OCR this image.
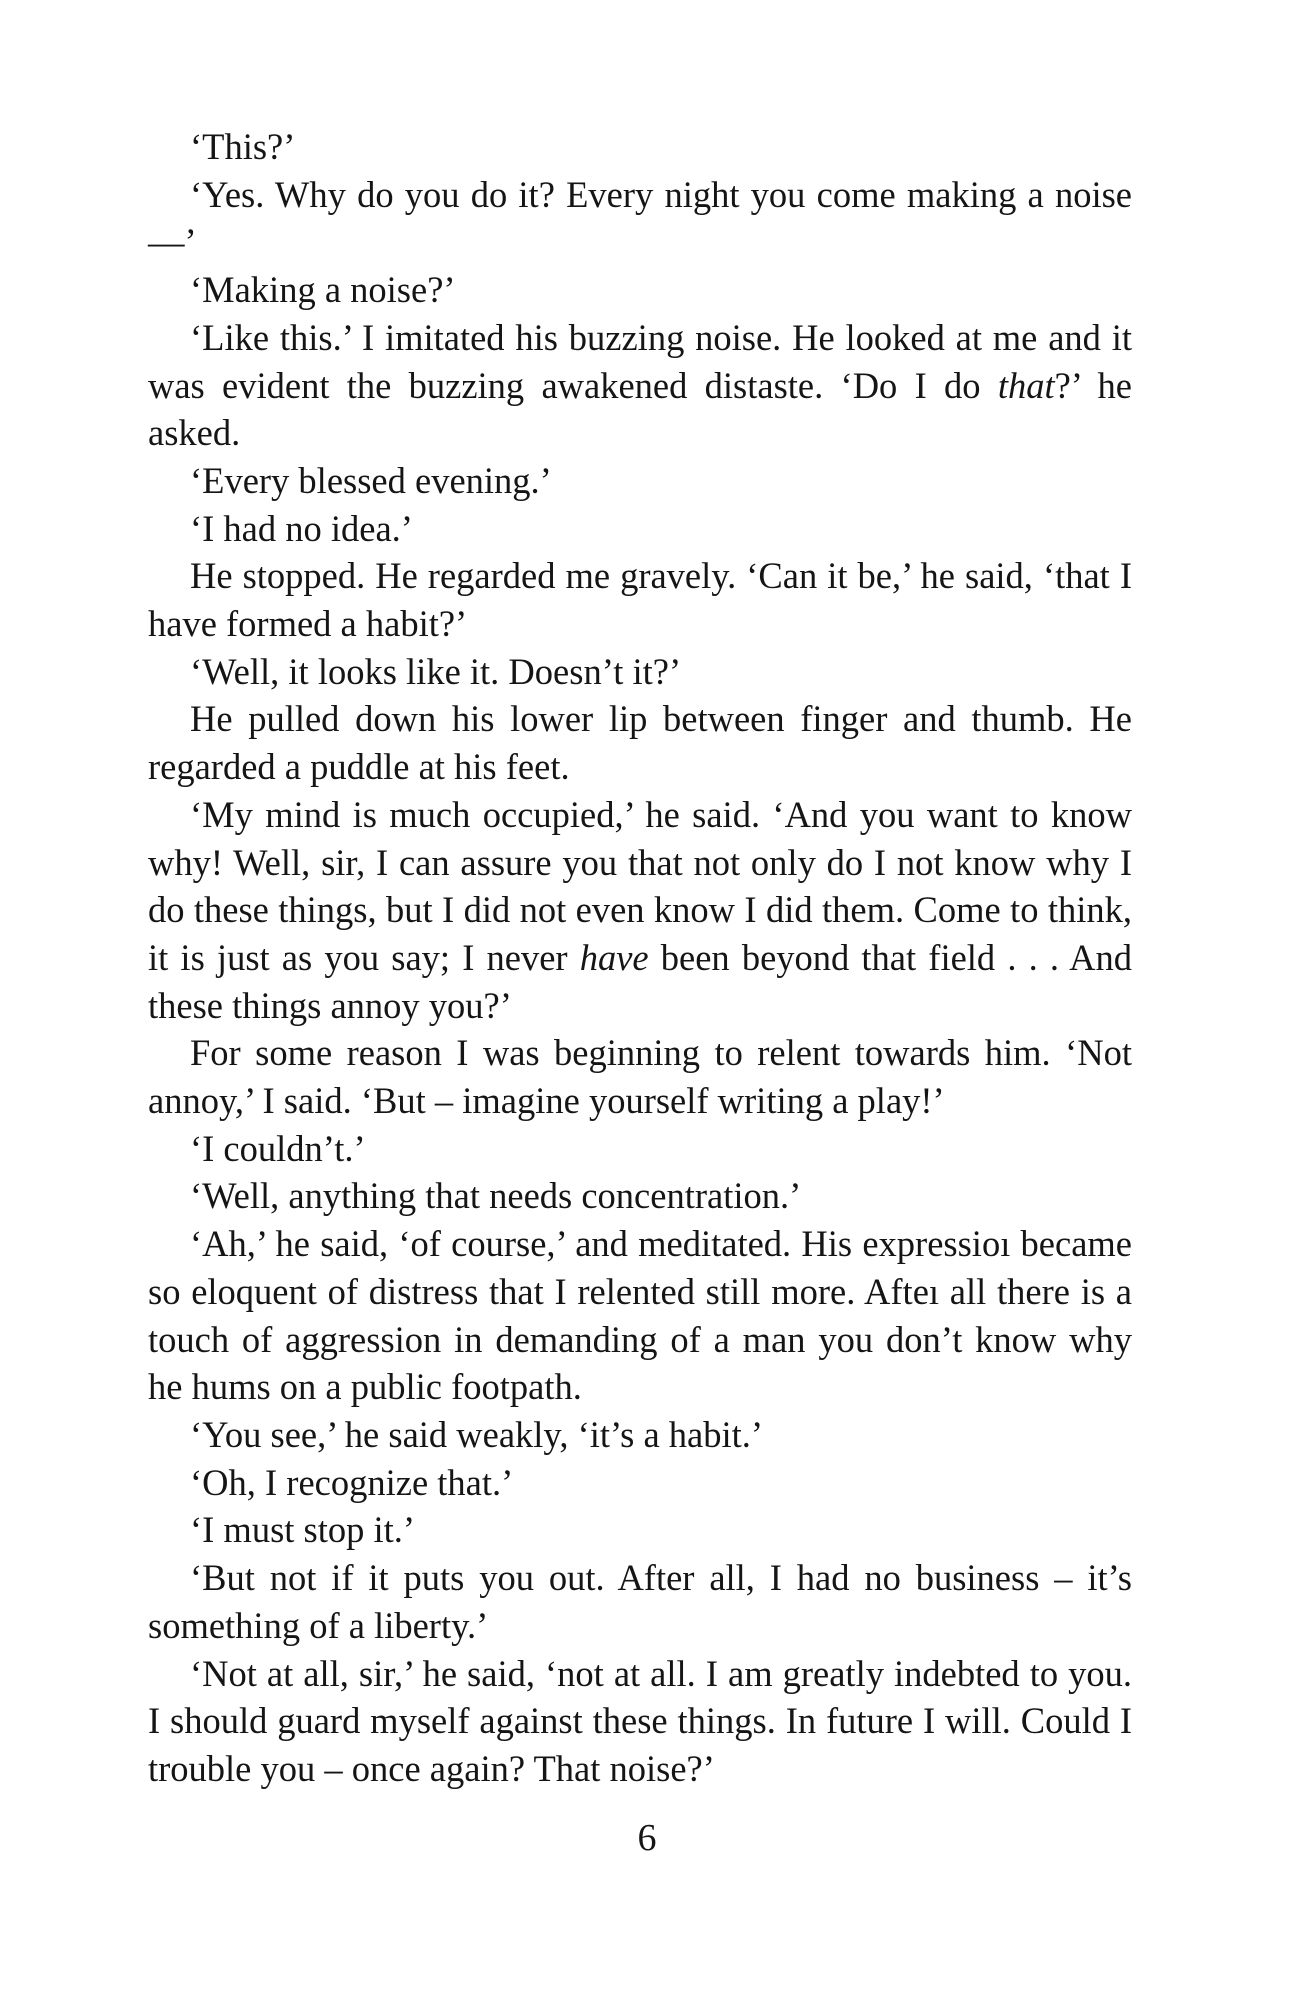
‘This?’

‘Yes. Why do you do it? Every night you come making a noise—’

‘Making a noise?’

‘Like this.’ I imitated his buzzing noise. He looked at me and it was evident the buzzing awakened distaste. ‘Do I do that?’ he asked.

‘Every blessed evening.’

‘I had no idea.’

He stopped. He regarded me gravely. ‘Can it be,’ he said, ‘that I have formed a habit?’

‘Well, it looks like it. Doesn’t it?’

He pulled down his lower lip between finger and thumb. He regarded a puddle at his feet.

‘My mind is much occupied,’ he said. ‘And you want to know why! Well, sir, I can assure you that not only do I not know why I do these things, but I did not even know I did them. Come to think, it is just as you say; I never have been beyond that field . . . And these things annoy you?’

For some reason I was beginning to relent towards him. ‘Not annoy,’ I said. ‘But – imagine yourself writing a play!’

‘I couldn’t.’

‘Well, anything that needs concentration.’

‘Ah,’ he said, ‘of course,’ and meditated. His expressioı became so eloquent of distress that I relented still more. Afteı all there is a touch of aggression in demanding of a man you don’t know why he hums on a public footpath.

‘You see,’ he said weakly, ‘it’s a habit.’

‘Oh, I recognize that.’

‘I must stop it.’

‘But not if it puts you out. After all, I had no business – it’s something of a liberty.’

‘Not at all, sir,’ he said, ‘not at all. I am greatly indebted to you. I should guard myself against these things. In future I will. Could I trouble you – once again? That noise?’

6
